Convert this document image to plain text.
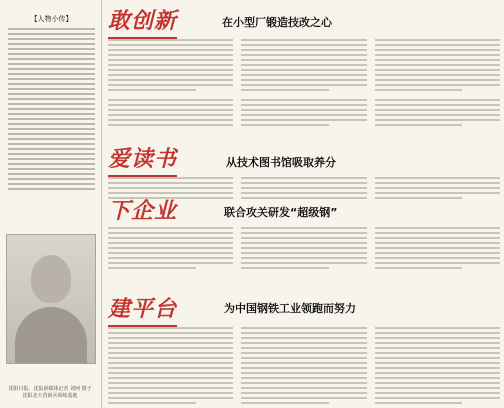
【人物小传】
沈阳日报、沈报新媒体记者 刘珂 摄于沈阳北大营新兵训练基地
敢创新	在小型厂锻造技改之心
爱读书	从技术图书馆吸取养分
下企业	联合攻关研发“超级钢”
建平台	为中国钢铁工业领跑而努力
